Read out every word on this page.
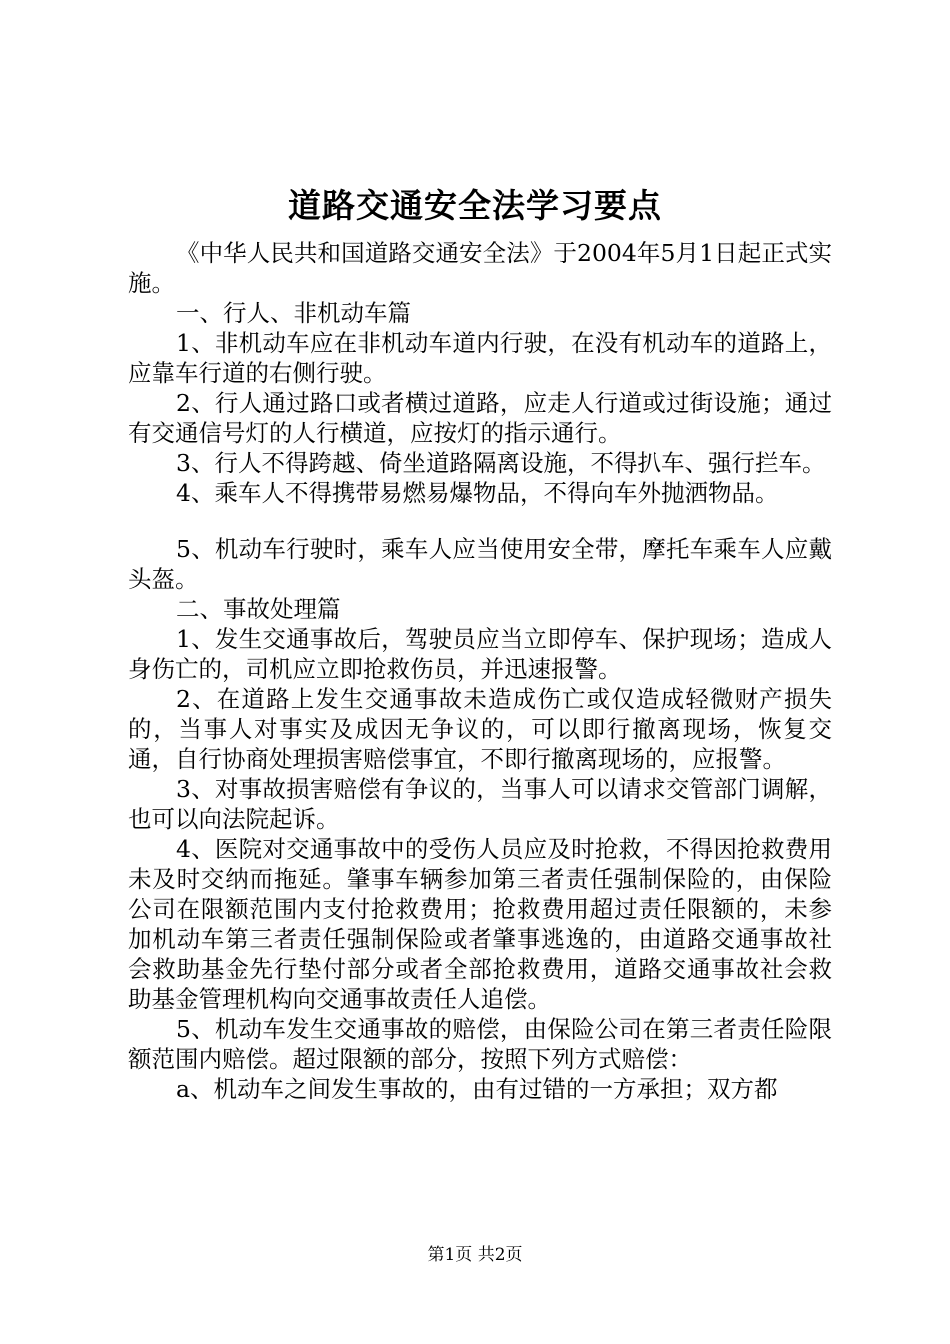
道路交通安全法学习要点

《中华人民共和国道路交通安全法》于2004年5月1日起正式实施。

一、行人、非机动车篇

1、非机动车应在非机动车道内行驶，在没有机动车的道路上，应靠车行道的右侧行驶。

2、行人通过路口或者横过道路，应走人行道或过街设施；通过有交通信号灯的人行横道，应按灯的指示通行。

3、行人不得跨越、倚坐道路隔离设施，不得扒车、强行拦车。

4、乘车人不得携带易燃易爆物品，不得向车外抛洒物品。

5、机动车行驶时，乘车人应当使用安全带，摩托车乘车人应戴头盔。

二、事故处理篇

1、发生交通事故后，驾驶员应当立即停车、保护现场；造成人身伤亡的，司机应立即抢救伤员，并迅速报警。

2、在道路上发生交通事故未造成伤亡或仅造成轻微财产损失的，当事人对事实及成因无争议的，可以即行撤离现场，恢复交通，自行协商处理损害赔偿事宜，不即行撤离现场的，应报警。

3、对事故损害赔偿有争议的，当事人可以请求交管部门调解，也可以向法院起诉。

4、医院对交通事故中的受伤人员应及时抢救，不得因抢救费用未及时交纳而拖延。肇事车辆参加第三者责任强制保险的，由保险公司在限额范围内支付抢救费用；抢救费用超过责任限额的，未参加机动车第三者责任强制保险或者肇事逃逸的，由道路交通事故社会救助基金先行垫付部分或者全部抢救费用，道路交通事故社会救助基金管理机构向交通事故责任人追偿。

5、机动车发生交通事故的赔偿，由保险公司在第三者责任险限额范围内赔偿。超过限额的部分，按照下列方式赔偿：

a、机动车之间发生事故的，由有过错的一方承担；双方都

第1页 共2页
